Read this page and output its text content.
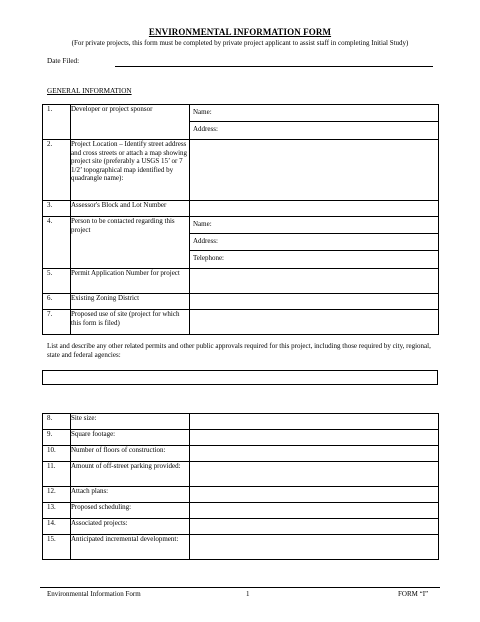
ENVIRONMENTAL INFORMATION FORM
(For private projects, this form must be completed by private project applicant to assist staff in completing Initial Study)
Date Filed:
GENERAL INFORMATION
1.	Developer or project sponsor	Name:
Address:

2.	Project Location – Identify street address and cross streets or attach a map showing project site (preferably a USGS 15’ or 7 1/2’ topographical map identified by quadrangle name):	
3.	Assessor's Block and Lot Number	
4.	Person to be contacted regarding this project	Name:
Address:
Telephone:

5.	Permit Application Number for project	
6.	Existing Zoning District	
7.	Proposed use of site (project for which this form is filed)	
List and describe any other related permits and other public approvals required for this project, including those required by city, regional, state and federal agencies:
8.	Site size:	
9.	Square footage:	
10.	Number of floors of construction:	
11.	Amount of off-street parking provided:	
12.	Attach plans:	
13.	Proposed scheduling:	
14.	Associated projects:	
15.	Anticipated incremental development:	
Environmental Information Form	1	FORM “I”
